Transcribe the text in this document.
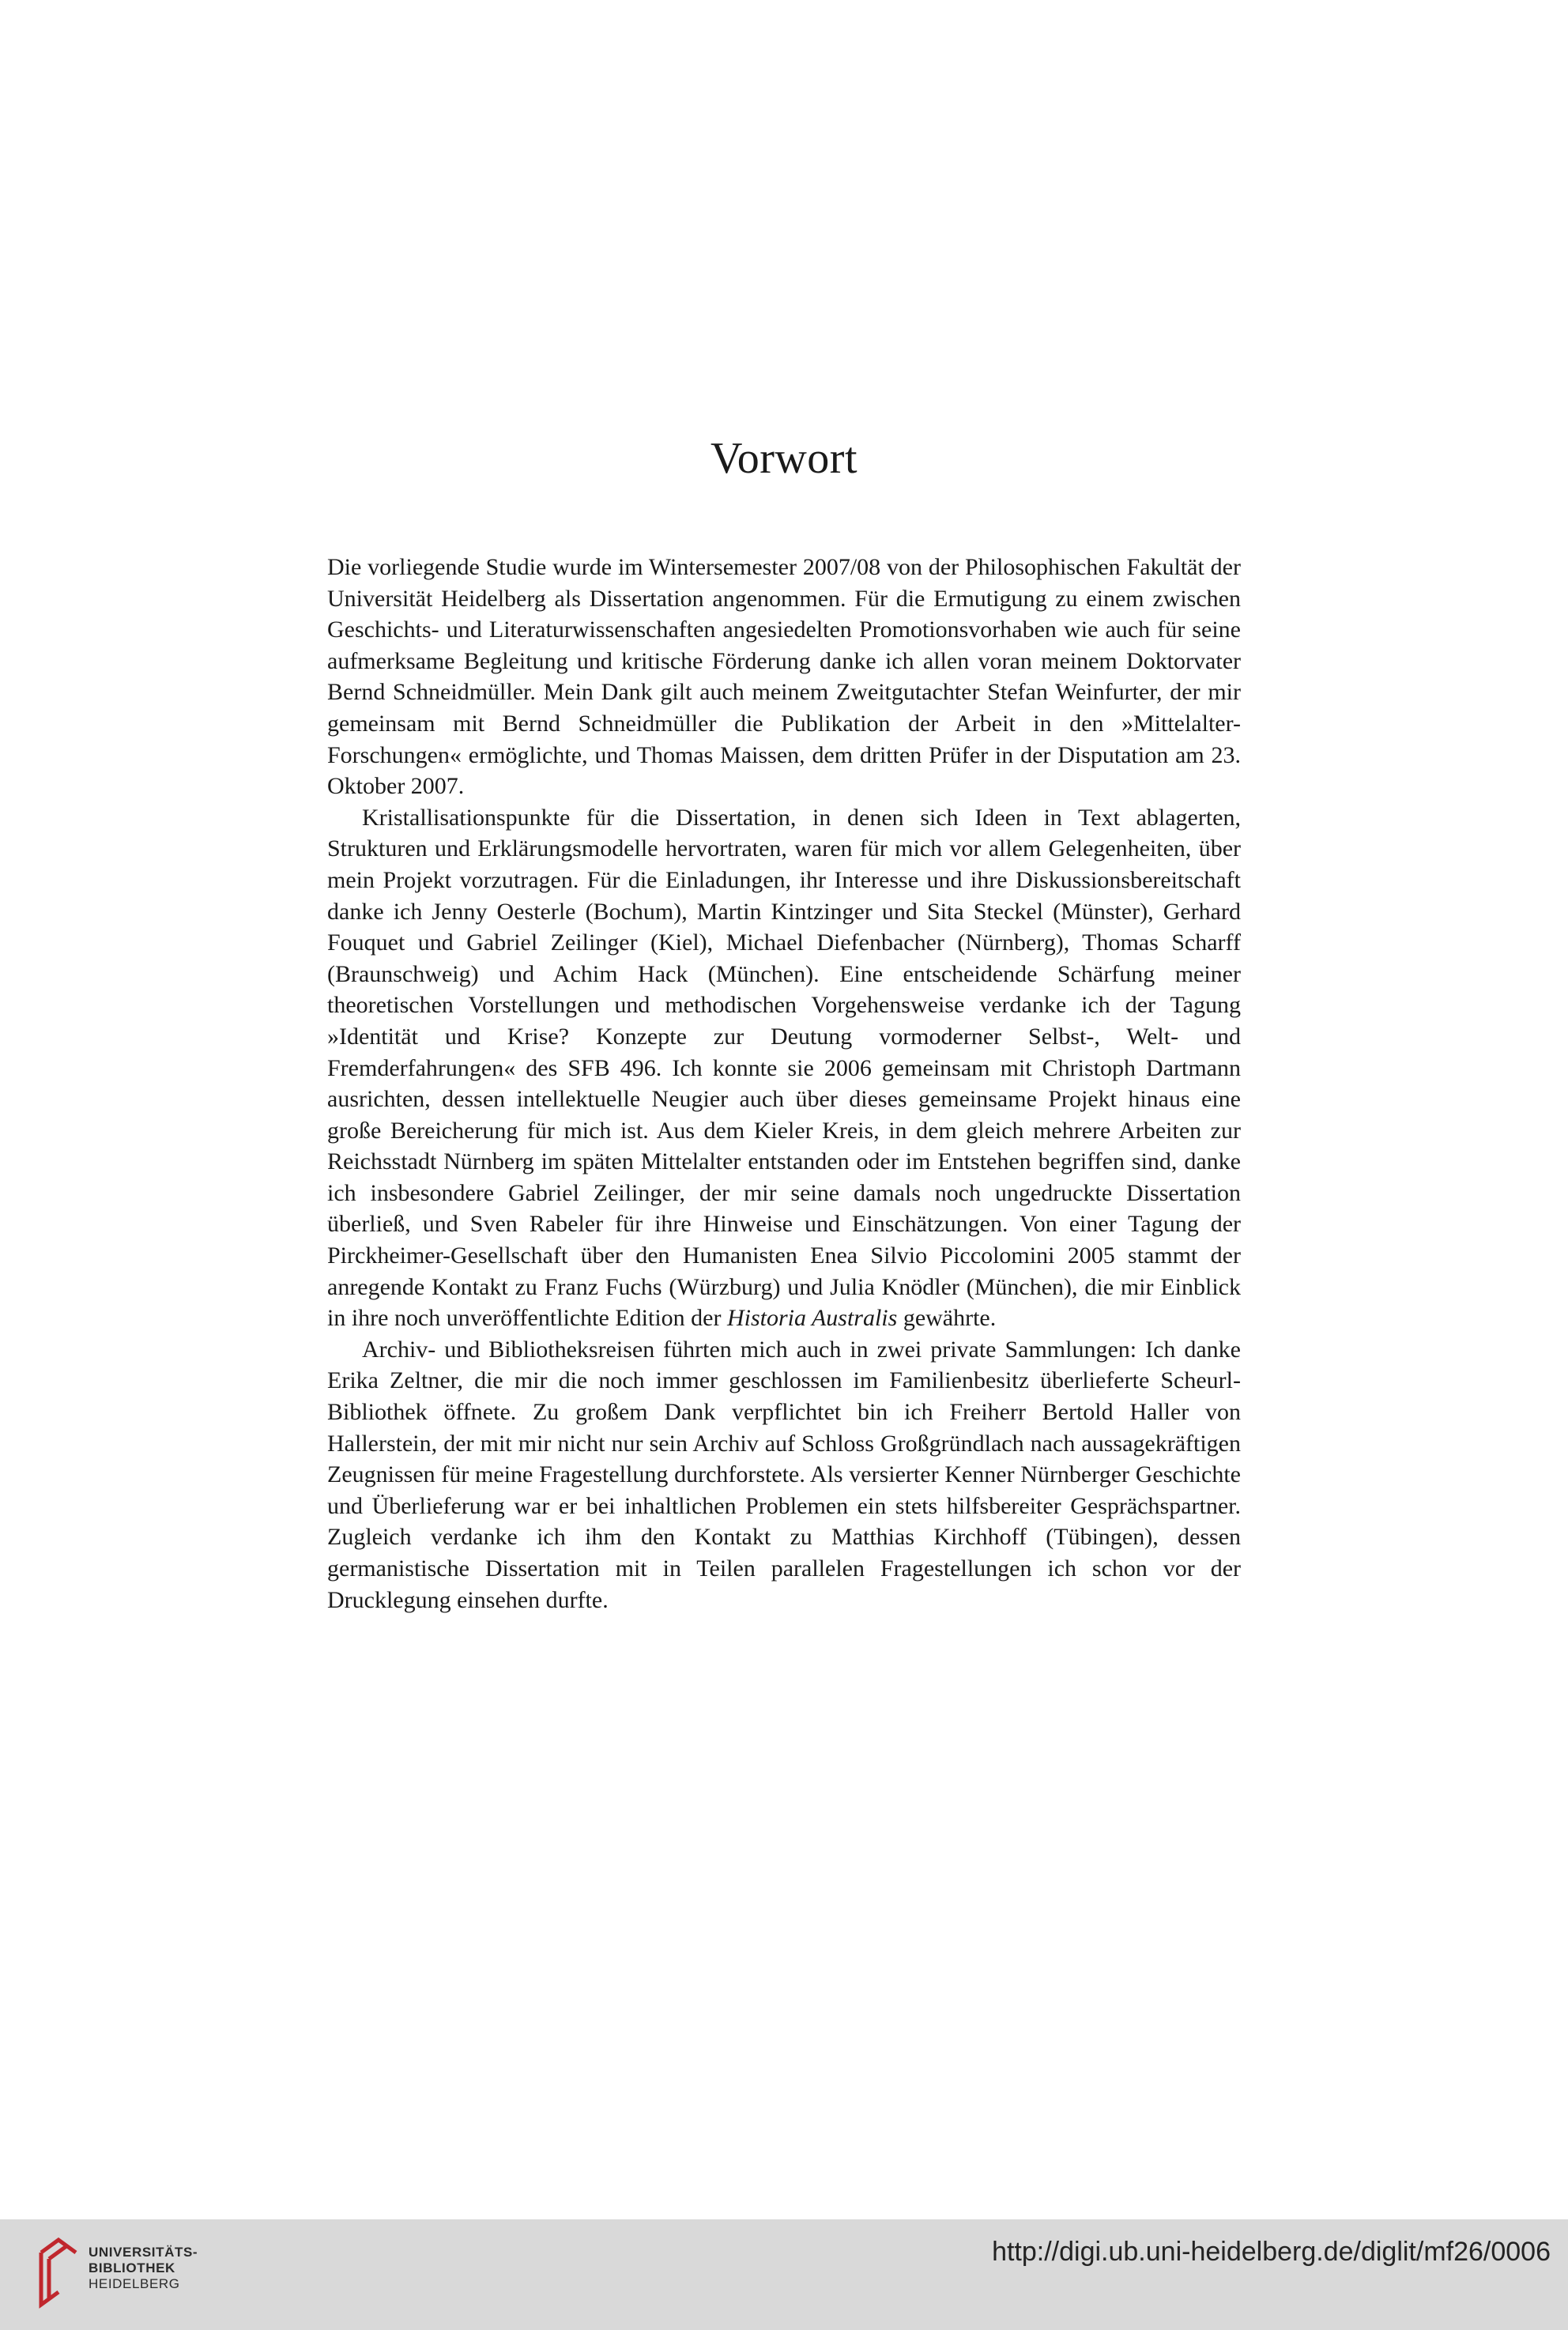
Vorwort

Die vorliegende Studie wurde im Wintersemester 2007/08 von der Philosophischen Fakultät der Universität Heidelberg als Dissertation angenommen. Für die Ermutigung zu einem zwischen Geschichts- und Literaturwissenschaften angesiedelten Promotionsvorhaben wie auch für seine aufmerksame Begleitung und kritische Förderung danke ich allen voran meinem Doktorvater Bernd Schneidmüller. Mein Dank gilt auch meinem Zweitgutachter Stefan Weinfurter, der mir gemeinsam mit Bernd Schneidmüller die Publikation der Arbeit in den »Mittelalter-Forschungen« ermöglichte, und Thomas Maissen, dem dritten Prüfer in der Disputation am 23. Oktober 2007.

Kristallisationspunkte für die Dissertation, in denen sich Ideen in Text ablagerten, Strukturen und Erklärungsmodelle hervortraten, waren für mich vor allem Gelegenheiten, über mein Projekt vorzutragen. Für die Einladungen, ihr Interesse und ihre Diskussionsbereitschaft danke ich Jenny Oesterle (Bochum), Martin Kintzinger und Sita Steckel (Münster), Gerhard Fouquet und Gabriel Zeilinger (Kiel), Michael Diefenbacher (Nürnberg), Thomas Scharff (Braunschweig) und Achim Hack (München). Eine entscheidende Schärfung meiner theoretischen Vorstellungen und methodischen Vorgehensweise verdanke ich der Tagung »Identität und Krise? Konzepte zur Deutung vormoderner Selbst-, Welt- und Fremderfahrungen« des SFB 496. Ich konnte sie 2006 gemeinsam mit Christoph Dartmann ausrichten, dessen intellektuelle Neugier auch über dieses gemeinsame Projekt hinaus eine große Bereicherung für mich ist. Aus dem Kieler Kreis, in dem gleich mehrere Arbeiten zur Reichsstadt Nürnberg im späten Mittelalter entstanden oder im Entstehen begriffen sind, danke ich insbesondere Gabriel Zeilinger, der mir seine damals noch ungedruckte Dissertation überließ, und Sven Rabeler für ihre Hinweise und Einschätzungen. Von einer Tagung der Pirckheimer-Gesellschaft über den Humanisten Enea Silvio Piccolomini 2005 stammt der anregende Kontakt zu Franz Fuchs (Würzburg) und Julia Knödler (München), die mir Einblick in ihre noch unveröffentlichte Edition der Historia Australis gewährte.

Archiv- und Bibliotheksreisen führten mich auch in zwei private Sammlungen: Ich danke Erika Zeltner, die mir die noch immer geschlossen im Familienbesitz überlieferte Scheurl-Bibliothek öffnete. Zu großem Dank verpflichtet bin ich Freiherr Bertold Haller von Hallerstein, der mit mir nicht nur sein Archiv auf Schloss Großgründlach nach aussagekräftigen Zeugnissen für meine Fragestellung durchforstete. Als versierter Kenner Nürnberger Geschichte und Überlieferung war er bei inhaltlichen Problemen ein stets hilfsbereiter Gesprächspartner. Zugleich verdanke ich ihm den Kontakt zu Matthias Kirchhoff (Tübingen), dessen germanistische Dissertation mit in Teilen parallelen Fragestellungen ich schon vor der Drucklegung einsehen durfte.

UNIVERSITÄTS-
BIBLIOTHEK
HEIDELBERG
http://digi.ub.uni-heidelberg.de/diglit/mf26/0006
